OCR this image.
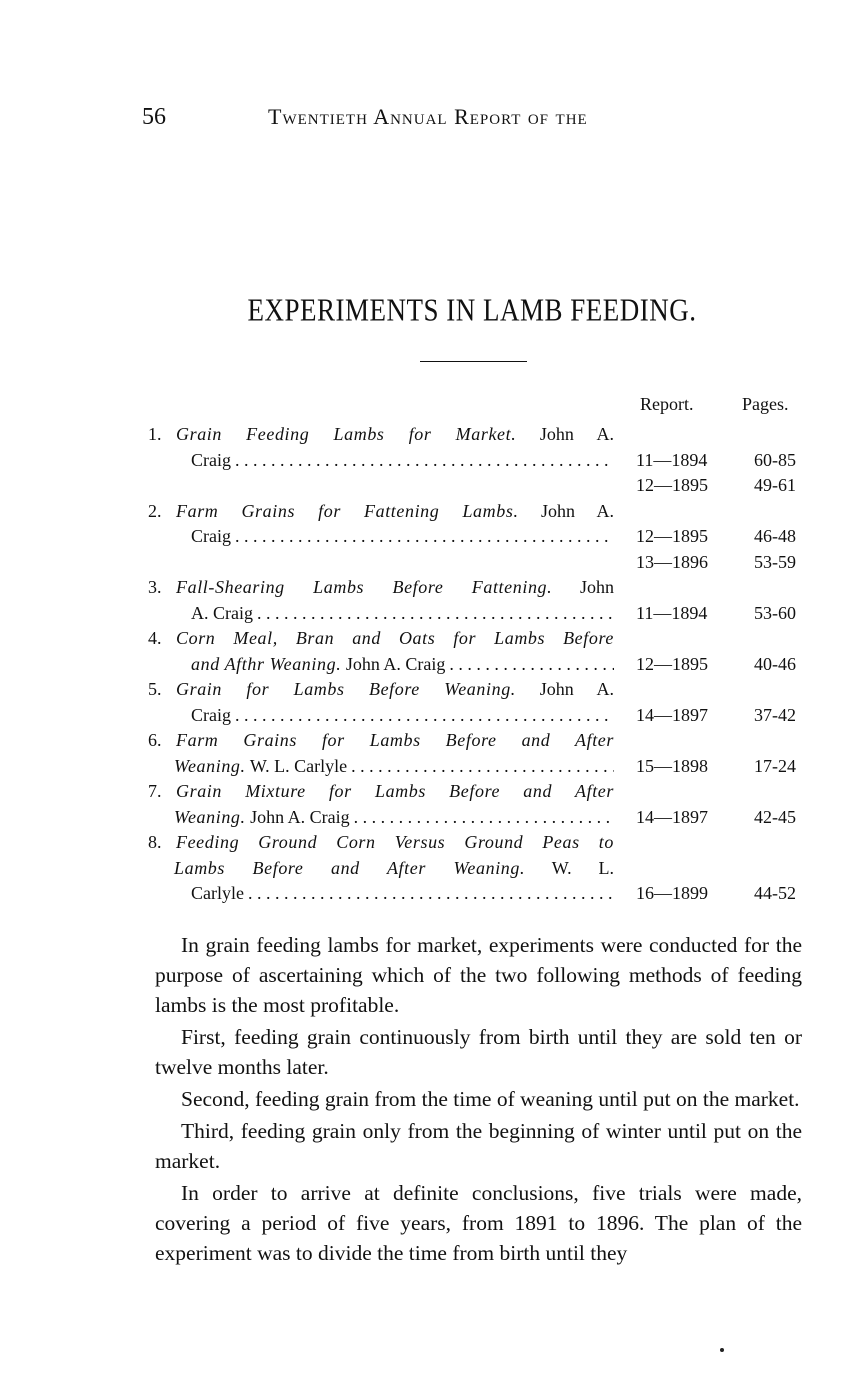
56	Twentieth Annual Report of the
EXPERIMENTS IN LAMB FEEDING.
Report.	Pages.
1. Grain Feeding Lambs for Market. John A.
Craig . . .	11—1894	60-85
12—1895	49-61
2. Farm Grains for Fattening Lambs. John A.
Craig . . .	12—1895	46-48
13—1896	53-59
3. Fall-Shearing Lambs Before Fattening. John
A. Craig . . .	11—1894	53-60
4. Corn Meal, Bran and Oats for Lambs Before
and Afthr Weaning. John A. Craig . . .	12—1895	40-46
5. Grain for Lambs Before Weaning. John A.
Craig . . .	14—1897	37-42
6. Farm Grains for Lambs Before and After
Weaning. W. L. Carlyle . . .	15—1898	17-24
7. Grain Mixture for Lambs Before and After
Weaning. John A. Craig . . .	14—1897	42-45
8. Feeding Ground Corn Versus Ground Peas to
Lambs Before and After Weaning. W. L.
Carlyle . . .	16—1899	44-52

In grain feeding lambs for market, experiments were conducted for the purpose of ascertaining which of the two following methods of feeding lambs is the most profitable.

First, feeding grain continuously from birth until they are sold ten or twelve months later.

Second, feeding grain from the time of weaning until put on the market.

Third, feeding grain only from the beginning of winter until put on the market.

In order to arrive at definite conclusions, five trials were made, covering a period of five years, from 1891 to 1896. The plan of the experiment was to divide the time from birth until they
